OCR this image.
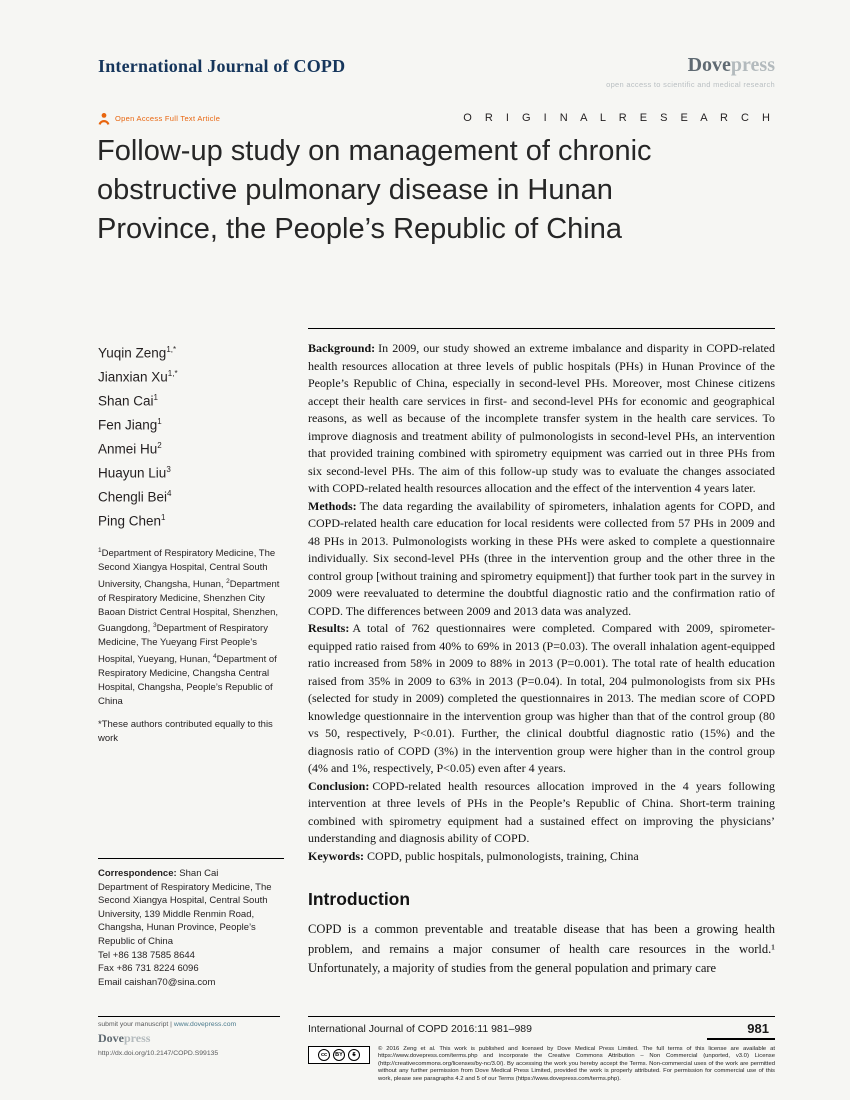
International Journal of COPD	Dovepress
open access to scientific and medical research
Open Access Full Text Article	O R I G I N A L R E S E A R C H
Follow-up study on management of chronic obstructive pulmonary disease in Hunan Province, the People’s Republic of China
Yuqin Zeng$^{1,*}$
Jianxian $Xu^{1,*}$
Shan Cai$^1$
Fen Jiang$^1$
Anmei Hu$^2$
Huayun Liu$^3$
Chengli Bei$^4$
Ping Chen$^1$
$^1$Department of Respiratory Medicine, The Second Xiangya Hospital, Central South University, Changsha, Hunan, $^2$Department of Respiratory Medicine, Shenzhen City Baoan District Central Hospital, Shenzhen, Guangdong, $^3$Department of Respiratory Medicine, The Yueyang First People’s Hospital, Yueyang, Hunan, $^4$Department of Respiratory Medicine, Changsha Central Hospital, Changsha, People’s Republic of China
*These authors contributed equally to this work

Correspondence: Shan Cai

Department of Respiratory Medicine, The Second Xiangya Hospital, Central South University, 139 Middle Renmin Road, Changsha, Hunan Province, People’s Republic of China

Tel +86 138 7585 8644

Fax +86 731 8224 6096

Email caishan70@sina.com

Background: In 2009, our study showed an extreme imbalance and disparity in COPD-related health resources allocation at three levels of public hospitals (PHs) in Hunan Province of the People’s Republic of China, especially in second-level PHs. Moreover, most Chinese citizens accept their health care services in first- and second-level PHs for economic and geographical reasons, as well as because of the incomplete transfer system in the health care services. To improve diagnosis and treatment ability of pulmonologists in second-level PHs, an intervention that provided training combined with spirometry equipment was carried out in three PHs from six second-level PHs. The aim of this follow-up study was to evaluate the changes associated with COPD-related health resources allocation and the effect of the intervention 4 years later.

Methods: The data regarding the availability of spirometers, inhalation agents for COPD, and COPD-related health care education for local residents were collected from 57 PHs in 2009 and 48 PHs in 2013. Pulmonologists working in these PHs were asked to complete a questionnaire individually. Six second-level PHs (three in the intervention group and the other three in the control group [without training and spirometry equipment]) that further took part in the survey in 2009 were reevaluated to determine the doubtful diagnostic ratio and the confirmation ratio of COPD. The differences between 2009 and 2013 data was analyzed.

Results: A total of 762 questionnaires were completed. Compared with 2009, spirometer-equipped ratio raised from 40% to 69% in 2013 (P=0.03). The overall inhalation agent-equipped ratio increased from 58% in 2009 to 88% in 2013 (P=0.001). The total rate of health education raised from 35% in 2009 to 63% in 2013 (P=0.04). In total, 204 pulmonologists from six PHs (selected for study in 2009) completed the questionnaires in 2013. The median score of COPD knowledge questionnaire in the intervention group was higher than that of the control group (80 vs 50, respectively, P<0.01). Further, the clinical doubtful diagnostic ratio (15%) and the diagnosis ratio of COPD (3%) in the intervention group were higher than in the control group (4% and 1%, respectively, P<0.05) even after 4 years.

Conclusion: COPD-related health resources allocation improved in the 4 years following intervention at three levels of PHs in the People’s Republic of China. Short-term training combined with spirometry equipment had a sustained effect on improving the physicians’ understanding and diagnosis ability of COPD.

Keywords: COPD, public hospitals, pulmonologists, training, China

Introduction

COPD is a common preventable and treatable disease that has been a growing health problem, and remains a major consumer of health care resources in the world.¹ Unfortunately, a majority of studies from the general population and primary care

submit your manuscript | www.dovepress.com
Dovepress
http://dx.doi.org/10.2147/COPD.S99135
International Journal of COPD 2016:11 981–989	981
cc	BY	$
© 2016 Zeng et al. This work is published and licensed by Dove Medical Press Limited. The full terms of this license are available at https://www.dovepress.com/terms.php and incorporate the Creative Commons Attribution – Non Commercial (unported, v3.0) License (http://creativecommons.org/licenses/by-nc/3.0/). By accessing the work you hereby accept the Terms. Non-commercial uses of the work are permitted without any further permission from Dove Medical Press Limited, provided the work is properly attributed. For permission for commercial use of this work, please see paragraphs 4.2 and 5 of our Terms (https://www.dovepress.com/terms.php).
